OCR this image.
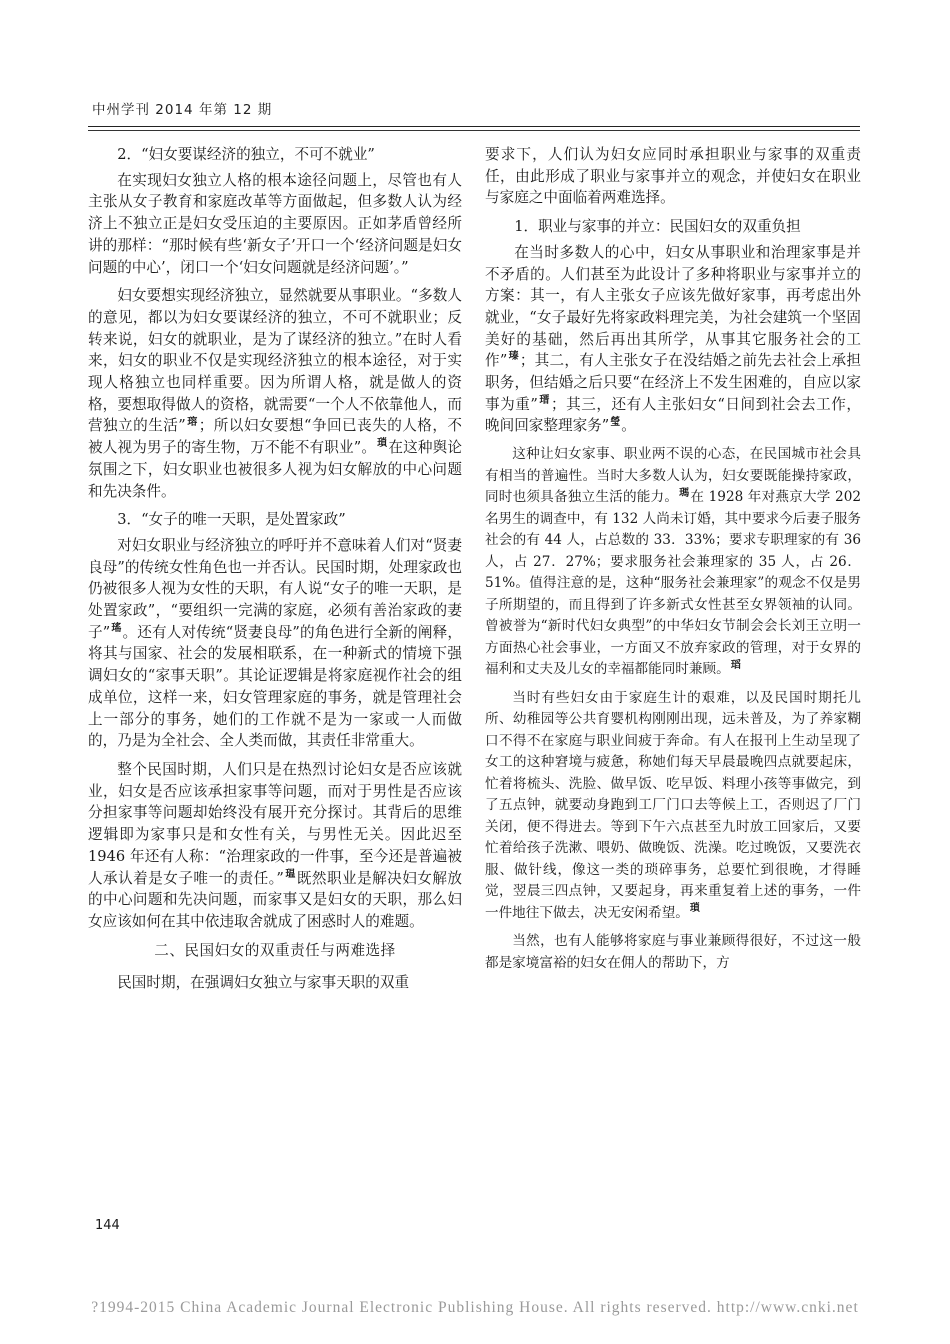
中州学刊 2014 年第 12 期

2．“妇女要谋经济的独立，不可不就业”

在实现妇女独立人格的根本途径问题上，尽管也有人主张从女子教育和家庭改革等方面做起，但多数人认为经济上不独立正是妇女受压迫的主要原因。正如茅盾曾经所讲的那样：“那时候有些‘新女子’开口一个‘经济问题是妇女问题的中心’，闭口一个‘妇女问题就是经济问题’。”

妇女要想实现经济独立，显然就要从事职业。“多数人的意见，都以为妇女要谋经济的独立，不可不就职业；反转来说，妇女的就职业，是为了谋经济的独立。”在时人看来，妇女的职业不仅是实现经济独立的根本途径，对于实现人格独立也同样重要。因为所谓人格，就是做人的资格，要想取得做人的资格，就需要“一个人不依靠他人，而营独立的生活”$^瑢$；所以妇女要想“争回已丧失的人格，不被人视为男子的寄生物，万不能不有职业”。$^瑣$在这种舆论氛围之下，妇女职业也被很多人视为妇女解放的中心问题和先决条件。

3．“女子的唯一天职，是处置家政”

对妇女职业与经济独立的呼吁并不意味着人们对“贤妻良母”的传统女性角色也一并否认。民国时期，处理家政也仍被很多人视为女性的天职，有人说“女子的唯一天职，是处置家政”，“要组织一完满的家庭，必须有善治家政的妻子”$^瑤$。还有人对传统“贤妻良母”的角色进行全新的阐释，将其与国家、社会的发展相联系，在一种新式的情境下强调妇女的“家事天职”。其论证逻辑是将家庭视作社会的组成单位，这样一来，妇女管理家庭的事务，就是管理社会上一部分的事务，她们的工作就不是为一家或一人而做的，乃是为全社会、全人类而做，其责任非常重大。

整个民国时期，人们只是在热烈讨论妇女是否应该就业，妇女是否应该承担家事等问题，而对于男性是否应该分担家事等问题却始终没有展开充分探讨。其背后的思维逻辑即为家事只是和女性有关，与男性无关。因此迟至 1946 年还有人称：“治理家政的一件事，至今还是普遍被人承认着是女子唯一的责任。”$^瑥$既然职业是解决妇女解放的中心问题和先决问题，而家事又是妇女的天职，那么妇女应该如何在其中依违取舍就成了困惑时人的难题。

二、民国妇女的双重责任与两难选择

民国时期，在强调妇女独立与家事天职的双重

要求下，人们认为妇女应同时承担职业与家事的双重责任，由此形成了职业与家事并立的观念，并使妇女在职业与家庭之中面临着两难选择。

1．职业与家事的并立：民国妇女的双重负担

在当时多数人的心中，妇女从事职业和治理家事是并不矛盾的。人们甚至为此设计了多种将职业与家事并立的方案：其一，有人主张女子应该先做好家事，再考虑出外就业，“女子最好先将家政料理完美，为社会建筑一个坚固美好的基础，然后再出其所学，从事其它服务社会的工作”$^瑧$；其二，有人主张女子在没结婚之前先去社会上承担职务，但结婚之后只要“在经济上不发生困难的，自应以家事为重”$^瑨$；其三，还有人主张妇女“日间到社会去工作，晚间回家整理家务”$^瑩$。

这种让妇女家事、职业两不误的心态，在民国城市社会具有相当的普遍性。当时大多数人认为，妇女要既能操持家政，同时也须具备独立生活的能力。$^瑪$在 1928 年对燕京大学 202 名男生的调查中，有 132 人尚未订婚，其中要求今后妻子服务社会的有 44 人，占总数的 33．33%；要求专职理家的有 36 人，占 27．27%；要求服务社会兼理家的 35 人，占 26．51%。值得注意的是，这种“服务社会兼理家”的观念不仅是男子所期望的，而且得到了许多新式女性甚至女界领袖的认同。曾被誉为“新时代妇女典型”的中华妇女节制会会长刘王立明一方面热心社会事业，一方面又不放弃家政的管理，对于女界的福利和丈夫及儿女的幸福都能同时兼顾。$^瑫$

当时有些妇女由于家庭生计的艰难，以及民国时期托儿所、幼稚园等公共育婴机构刚刚出现，远未普及，为了养家糊口不得不在家庭与职业间疲于奔命。有人在报刊上生动呈现了女工的这种窘境与疲惫，称她们每天早晨最晚四点就要起床，忙着将梳头、洗脸、做早饭、吃早饭、料理小孩等事做完，到了五点钟，就要动身跑到工厂门口去等候上工，否则迟了厂门关闭，便不得进去。等到下午六点甚至九时放工回家后，又要忙着给孩子洗漱、喂奶、做晚饭、洗澡。吃过晚饭，又要洗衣服、做针线，像这一类的琐碎事务，总要忙到很晚，才得睡觉，翌晨三四点钟，又要起身，再来重复着上述的事务，一件一件地往下做去，决无安闲希望。$^瑣$

当然，也有人能够将家庭与事业兼顾得很好，不过这一般都是家境富裕的妇女在佣人的帮助下，方

144
?1994-2015 China Academic Journal Electronic Publishing House. All rights reserved. http://www.cnki.net
